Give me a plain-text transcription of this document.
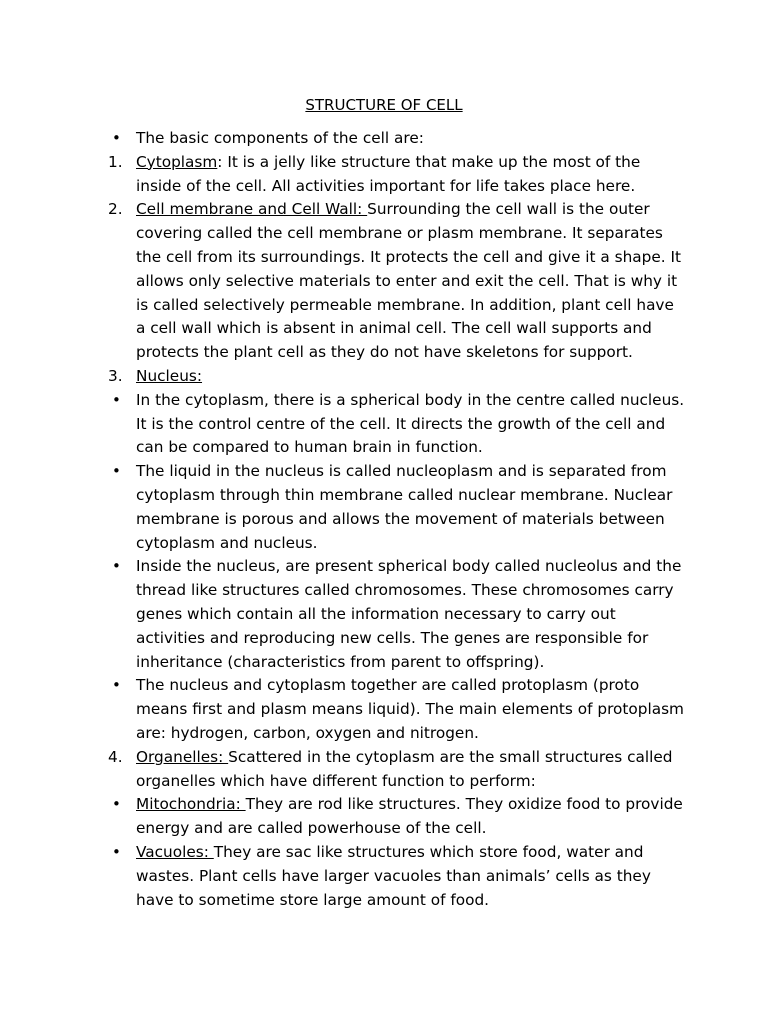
STRUCTURE OF CELL
• The basic components of the cell are:
1. Cytoplasm: It is a jelly like structure that make up the most of the inside of the cell. All activities important for life takes place here.
2. Cell membrane and Cell Wall: Surrounding the cell wall is the outer covering called the cell membrane or plasm membrane. It separates the cell from its surroundings. It protects the cell and give it a shape. It allows only selective materials to enter and exit the cell. That is why it is called selectively permeable membrane. In addition, plant cell have a cell wall which is absent in animal cell. The cell wall supports and protects the plant cell as they do not have skeletons for support.
3. Nucleus:
• In the cytoplasm, there is a spherical body in the centre called nucleus. It is the control centre of the cell. It directs the growth of the cell and can be compared to human brain in function.
• The liquid in the nucleus is called nucleoplasm and is separated from cytoplasm through thin membrane called nuclear membrane. Nuclear membrane is porous and allows the movement of materials between cytoplasm and nucleus.
• Inside the nucleus, are present spherical body called nucleolus and the thread like structures called chromosomes. These chromosomes carry genes which contain all the information necessary to carry out activities and reproducing new cells. The genes are responsible for inheritance (characteristics from parent to offspring).
• The nucleus and cytoplasm together are called protoplasm (proto means first and plasm means liquid). The main elements of protoplasm are: hydrogen, carbon, oxygen and nitrogen.
4. Organelles: Scattered in the cytoplasm are the small structures called organelles which have different function to perform:
• Mitochondria: They are rod like structures. They oxidize food to provide energy and are called powerhouse of the cell.
• Vacuoles: They are sac like structures which store food, water and wastes. Plant cells have larger vacuoles than animals’ cells as they have to sometime store large amount of food.
